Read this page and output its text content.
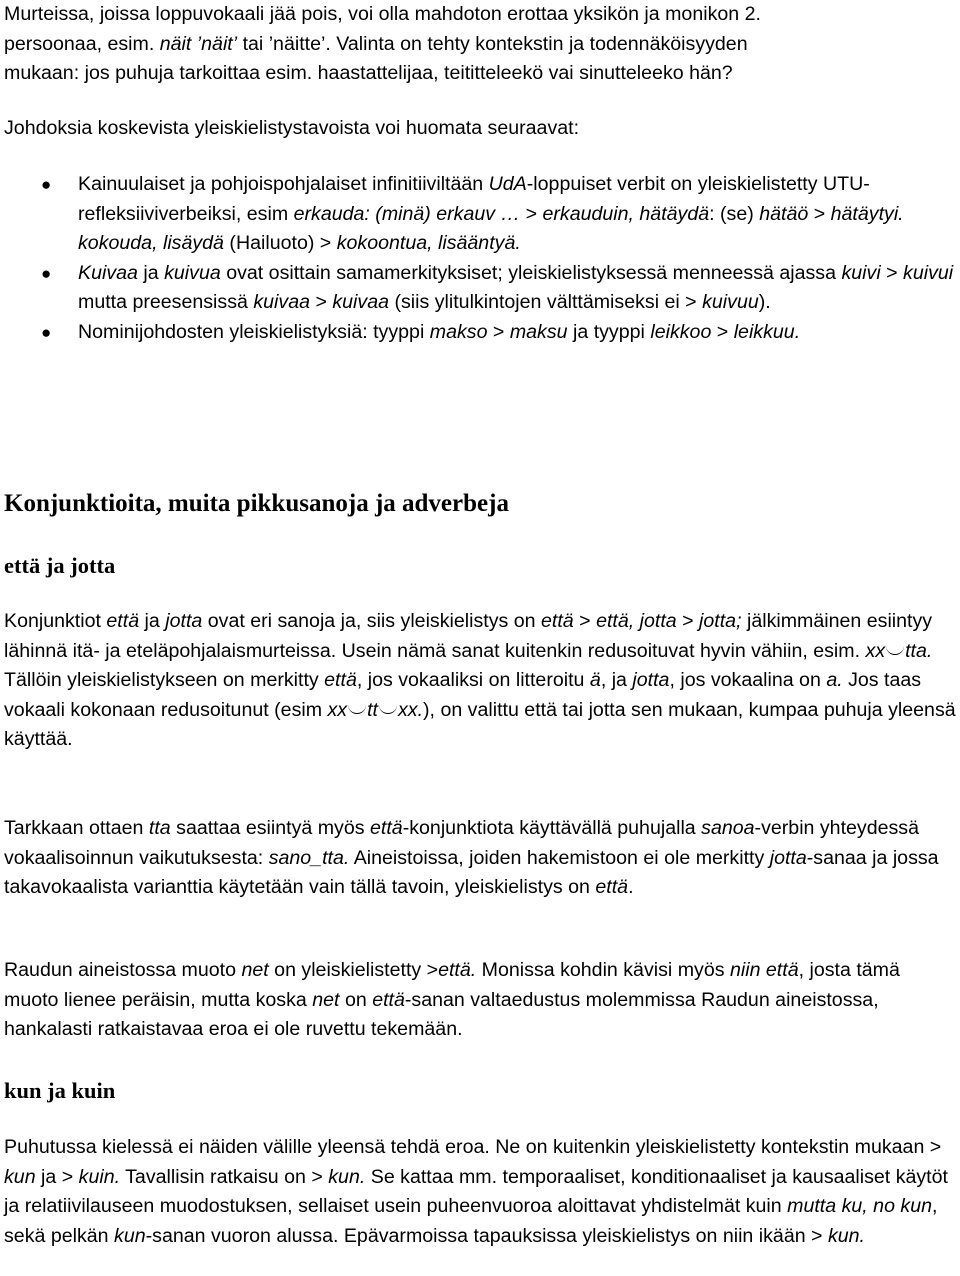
Murteissa, joissa loppuvokaali jää pois, voi olla mahdoton erottaa yksikön ja monikon 2.
persoonaa, esim. näit ’näit’ tai ’näitte’. Valinta on tehty kontekstin ja todennäköisyyden
mukaan: jos puhuja tarkoittaa esim. haastattelijaa, teititteleekö vai sinutteleeko hän?

Johdoksia koskevista yleiskielistystavoista voi huomata seuraavat:

● Kainuulaiset ja pohjoispohjalaiset infinitiiviltään UdA-loppuiset verbit on yleiskielistetty UTU-refleksiiviverbeiksi, esim erkauda: (minä) erkauv … > erkauduin, hätäydä: (se) hätäö > hätäytyi. kokouda, lisäydä (Hailuoto) > kokoontua, lisääntyä.
● Kuivaa ja kuivua ovat osittain samamerkityksiset; yleiskielistyksessä menneessä ajassa kuivi > kuivui mutta preesensissä kuivaa > kuivaa (siis ylitulkintojen välttämiseksi ei > kuivuu).
● Nominijohdosten yleiskielistyksiä: tyyppi makso > maksu ja tyyppi leikkoo > leikkuu.
Konjunktioita, muita pikkusanoja ja adverbeja
että ja jotta

Konjunktiot että ja jotta ovat eri sanoja ja, siis yleiskielistys on että > että, jotta > jotta; jälkimmäinen esiintyy lähinnä itä- ja eteläpohjalaismurteissa. Usein nämä sanat kuitenkin redusoituvat hyvin vähiin, esim. xx tta. Tällöin yleiskielistykseen on merkitty että, jos vokaaliksi on litteroitu ä, ja jotta, jos vokaalina on a. Jos taas vokaali kokonaan redusoitunut (esim xx tt xx.), on valittu että tai jotta sen mukaan, kumpaa puhuja yleensä käyttää.

Tarkkaan ottaen tta saattaa esiintyä myös että-konjunktiota käyttävällä puhujalla sanoa-verbin yhteydessä vokaalisoinnun vaikutuksesta: sano_tta. Aineistoissa, joiden hakemistoon ei ole merkitty jotta-sanaa ja jossa takavokaalista varianttia käytetään vain tällä tavoin, yleiskielistys on että.

Raudun aineistossa muoto net on yleiskielistetty >että. Monissa kohdin kävisi myös niin että, josta tämä muoto lienee peräisin, mutta koska net on että-sanan valtaedustus molemmissa Raudun aineistossa, hankalasti ratkaistavaa eroa ei ole ruvettu tekemään.

kun ja kuin

Puhutussa kielessä ei näiden välille yleensä tehdä eroa. Ne on kuitenkin yleiskielistetty kontekstin mukaan > kun ja > kuin. Tavallisin ratkaisu on > kun. Se kattaa mm. temporaaliset, konditionaaliset ja kausaaliset käytöt ja relatiivilauseen muodostuksen, sellaiset usein puheenvuoroa aloittavat yhdistelmät kuin mutta ku, no kun, sekä pelkän kun-sanan vuoron alussa. Epävarmoissa tapauksissa yleiskielistys on niin ikään > kun.
